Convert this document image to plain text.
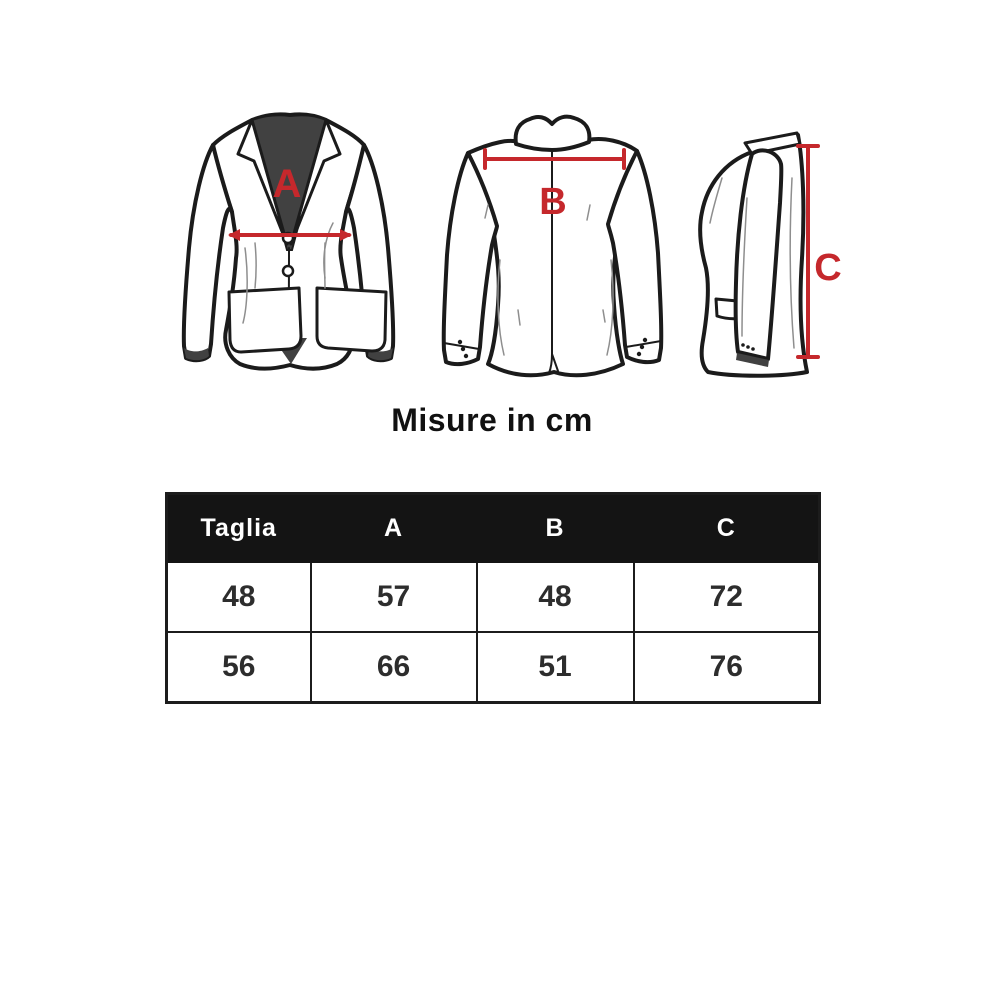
A	B
C
Misure in cm
Taglia	A	B	C
48	57	48	72
56	66	51	76
